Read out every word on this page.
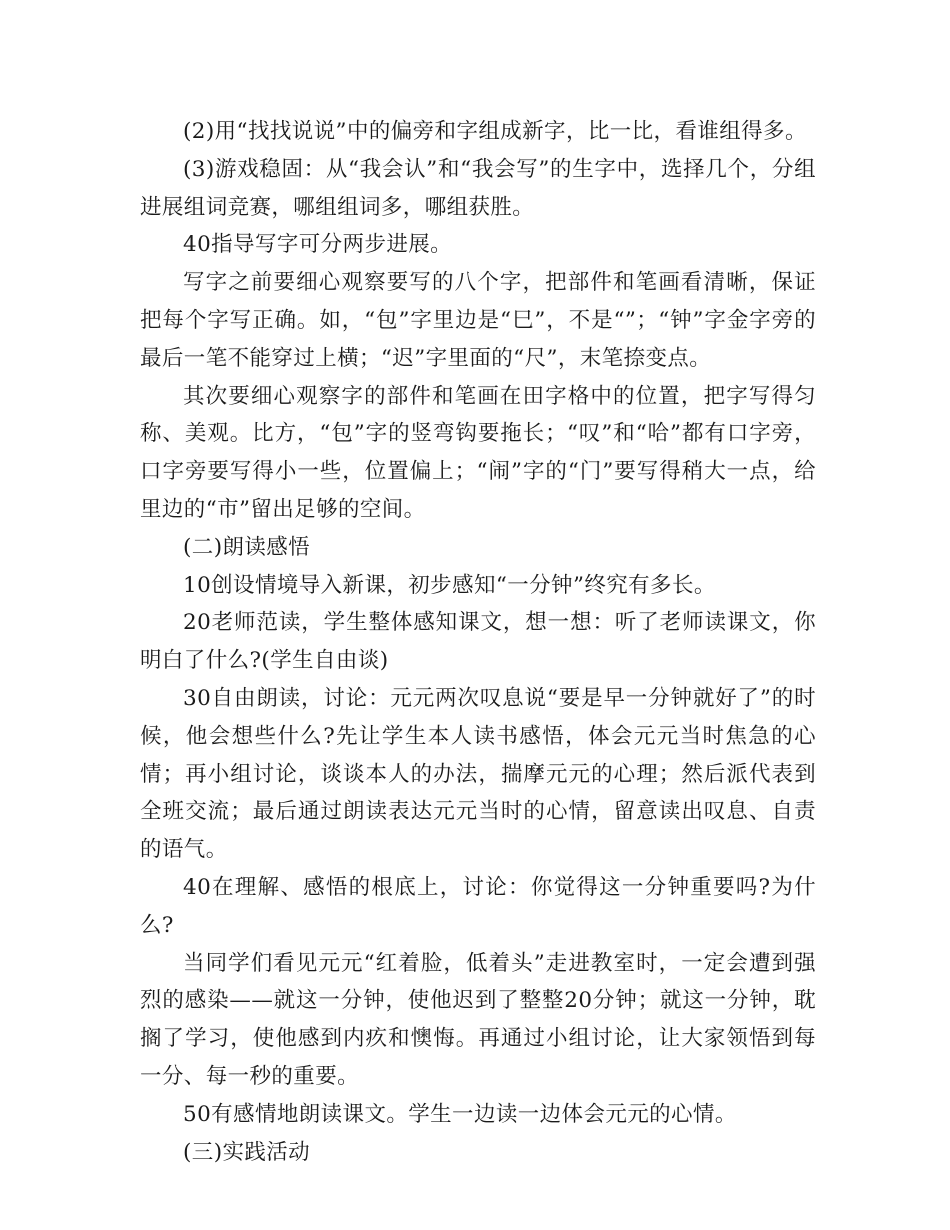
(2)用“找找说说”中的偏旁和字组成新字，比一比，看谁组得多。

(3)游戏稳固：从“我会认”和“我会写”的生字中，选择几个，分组进展组词竞赛，哪组组词多，哪组获胜。

40指导写字可分两步进展。

写字之前要细心观察要写的八个字，把部件和笔画看清晰，保证把每个字写正确。如，“包”字里边是“巳”，不是“”；“钟”字金字旁的最后一笔不能穿过上横；“迟”字里面的“尺”，末笔捺变点。

其次要细心观察字的部件和笔画在田字格中的位置，把字写得匀称、美观。比方，“包”字的竖弯钩要拖长；“叹”和“哈”都有口字旁，口字旁要写得小一些，位置偏上；“闹”字的“门”要写得稍大一点，给里边的“市”留出足够的空间。

(二)朗读感悟

10创设情境导入新课，初步感知“一分钟”终究有多长。

20老师范读，学生整体感知课文，想一想：听了老师读课文，你明白了什么?(学生自由谈)

30自由朗读，讨论：元元两次叹息说“要是早一分钟就好了”的时候，他会想些什么?先让学生本人读书感悟，体会元元当时焦急的心情；再小组讨论，谈谈本人的办法，揣摩元元的心理；然后派代表到全班交流；最后通过朗读表达元元当时的心情，留意读出叹息、自责的语气。

40在理解、感悟的根底上，讨论：你觉得这一分钟重要吗?为什么?

当同学们看见元元“红着脸，低着头”走进教室时，一定会遭到强烈的感染——就这一分钟，使他迟到了整整20分钟；就这一分钟，耽搁了学习，使他感到内疚和懊悔。再通过小组讨论，让大家领悟到每一分、每一秒的重要。

50有感情地朗读课文。学生一边读一边体会元元的心情。

(三)实践活动
